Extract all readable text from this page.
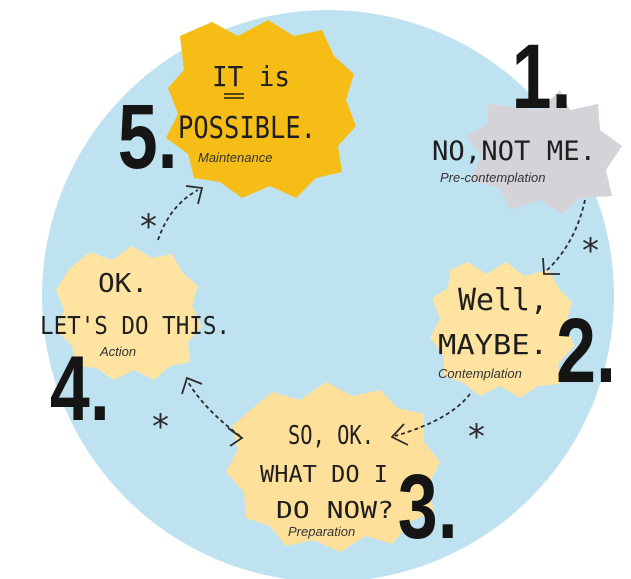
*
*
*	*
1.
NO,NOT ME.
Pre-contemplation
Well,
MAYBE.
Contemplation 2.
SO, OK.
WHAT DO I
DO NOW?
Preparation 3.
OK.
LET'S DO THIS.
Action
4.
5.
IT is
POSSIBLE.
Maintenance
